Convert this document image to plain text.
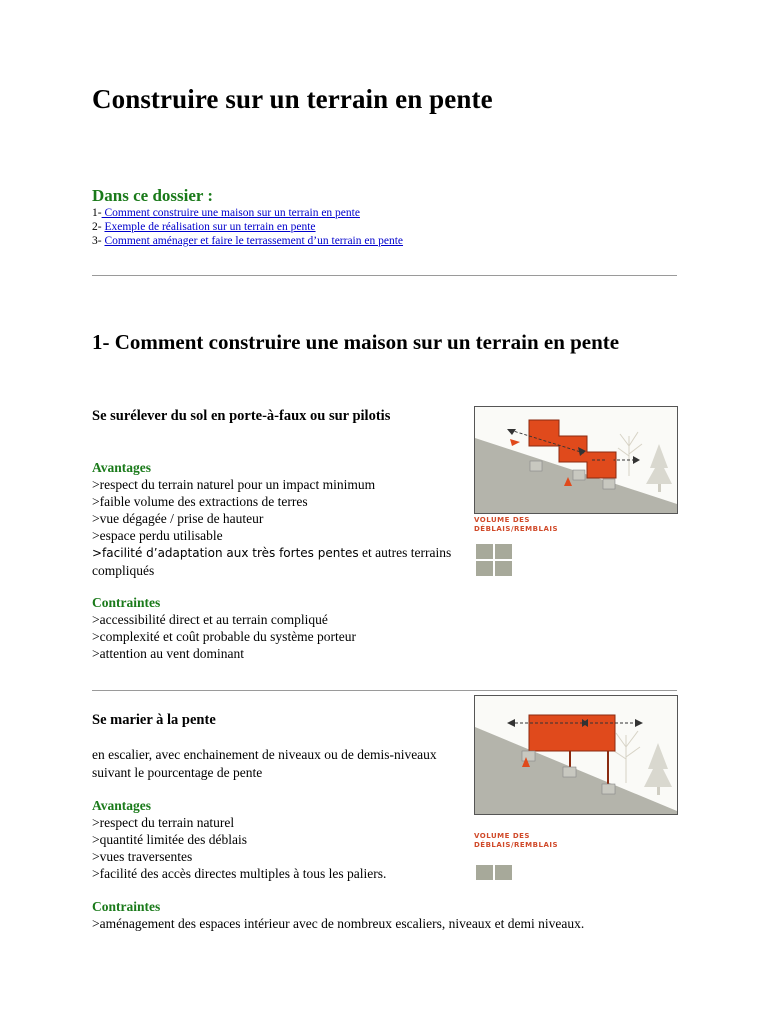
Construire sur un terrain en pente

Dans ce dossier :

1- Comment construire une maison sur un terrain en pente
2- Exemple de réalisation sur un terrain en pente
3- Comment aménager et faire le terrassement d’un terrain en pente
1- Comment construire une maison sur un terrain en pente
Se surélever du sol en porte-à-faux ou sur pilotis
Avantages
>respect du terrain naturel pour un impact minimum
>faible volume des extractions de terres
>vue dégagée / prise de hauteur
>espace perdu utilisable
>facilité d’adaptation aux très fortes pentes et autres terrains
compliqués
Contraintes
>accessibilité direct et au terrain compliqué
>complexité et coût probable du système porteur
>attention au vent dominant
VOLUME DES
DÉBLAIS/REMBLAIS
Se marier à la pente
en escalier, avec enchainement de niveaux ou de demis-niveaux suivant le pourcentage de pente
Avantages
>respect du terrain naturel
>quantité limitée des déblais
>vues traversentes
>facilité des accès directes multiples à tous les paliers.
Contraintes
>aménagement des espaces intérieur avec de nombreux escaliers, niveaux et demi niveaux.
VOLUME DES
DÉBLAIS/REMBLAIS
